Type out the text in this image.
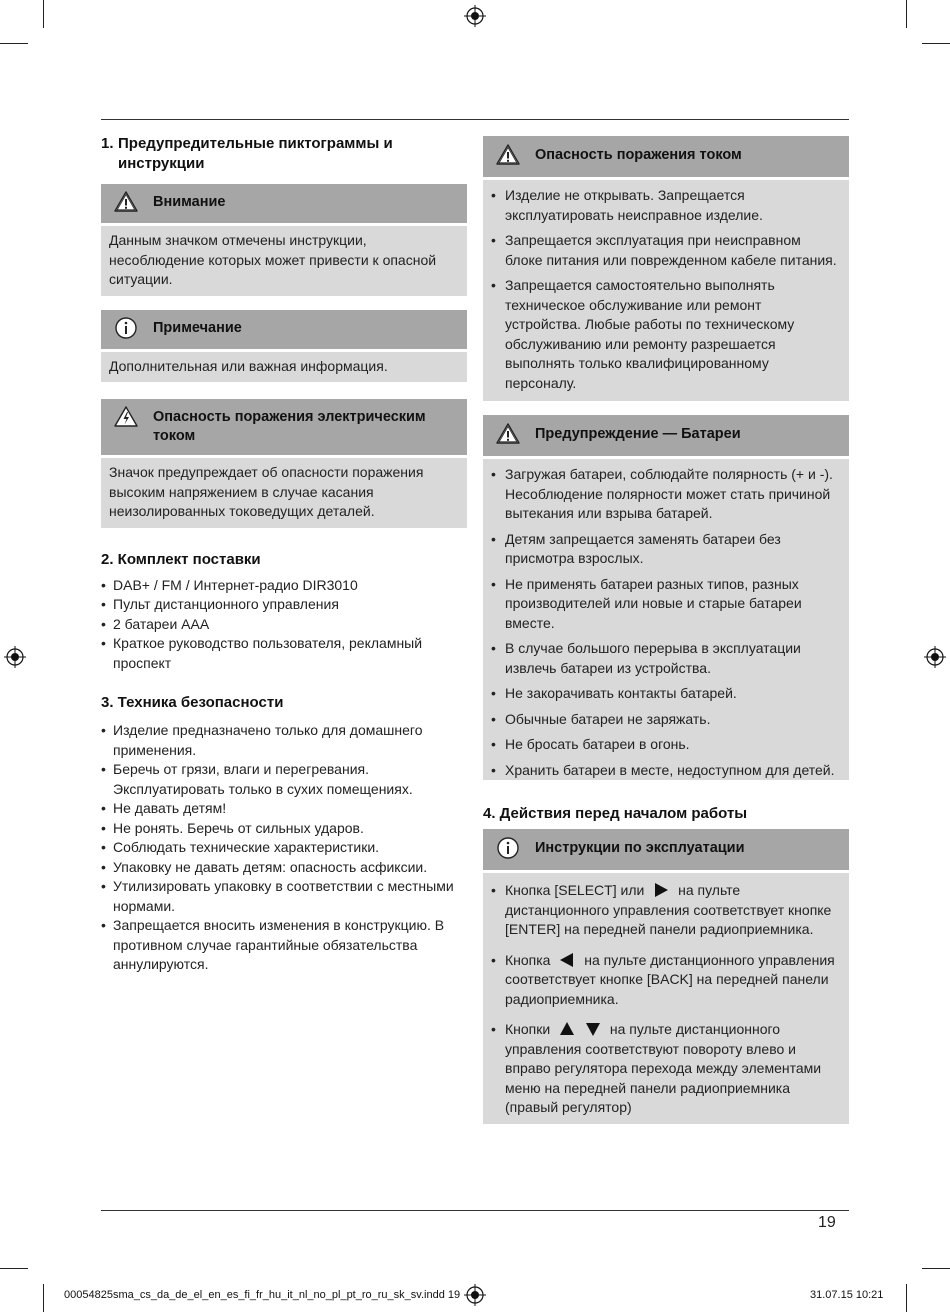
1. Предупредительные пиктограммы и инструкции
Внимание
Данным значком отмечены инструкции, несоблюдение которых может привести к опасной ситуации.
Примечание
Дополнительная или важная информация.
Опасность поражения электрическим током
Значок предупреждает об опасности поражения высоким напряжением в случае касания неизолированных токоведущих деталей.
2. Комплект поставки
• DAB+ / FM / Интернет-радио DIR3010
• Пульт дистанционного управления
• 2 батареи AAA
• Краткое руководство пользователя, рекламный проспект
3. Техника безопасности
• Изделие предназначено только для домашнего применения.
• Беречь от грязи, влаги и перегревания. Эксплуатировать только в сухих помещениях.
• Не давать детям!
• Не ронять. Беречь от сильных ударов.
• Соблюдать технические характеристики.
• Упаковку не давать детям: опасность асфиксии.
• Утилизировать упаковку в соответствии с местными нормами.
• Запрещается вносить изменения в конструкцию. В противном случае гарантийные обязательства аннулируются.
Опасность поражения током
• Изделие не открывать. Запрещается эксплуатировать неисправное изделие.
• Запрещается эксплуатация при неисправном блоке питания или поврежденном кабеле питания.
• Запрещается самостоятельно выполнять техническое обслуживание или ремонт устройства. Любые работы по техническому обслуживанию или ремонту разрешается выполнять только квалифицированному персоналу.
Предупреждение — Батареи
• Загружая батареи, соблюдайте полярность (+ и -). Несоблюдение полярности может стать причиной вытекания или взрыва батарей.
• Детям запрещается заменять батареи без присмотра взрослых.
• Не применять батареи разных типов, разных производителей или новые и старые батареи вместе.
• В случае большого перерыва в эксплуатации извлечь батареи из устройства.
• Не закорачивать контакты батарей.
• Обычные батареи не заряжать.
• Не бросать батареи в огонь.
• Хранить батареи в месте, недоступном для детей.
4. Действия перед началом работы
Инструкции по эксплуатации
• Кнопка [SELECT] или на пульте дистанционного управления соответствует кнопке [ENTER] на передней панели радиоприемника.
• Кнопка на пульте дистанционного управления соответствует кнопке [BACK] на передней панели радиоприемника.
• Кнопки	на пульте дистанционного управления соответствуют повороту влево и вправо регулятора перехода между элементами меню на передней панели радиоприемника (правый регулятор)
19
00054825sma_cs_da_de_el_en_es_fi_fr_hu_it_nl_no_pl_pt_ro_ru_sk_sv.indd 19	31.07.15 10:21
